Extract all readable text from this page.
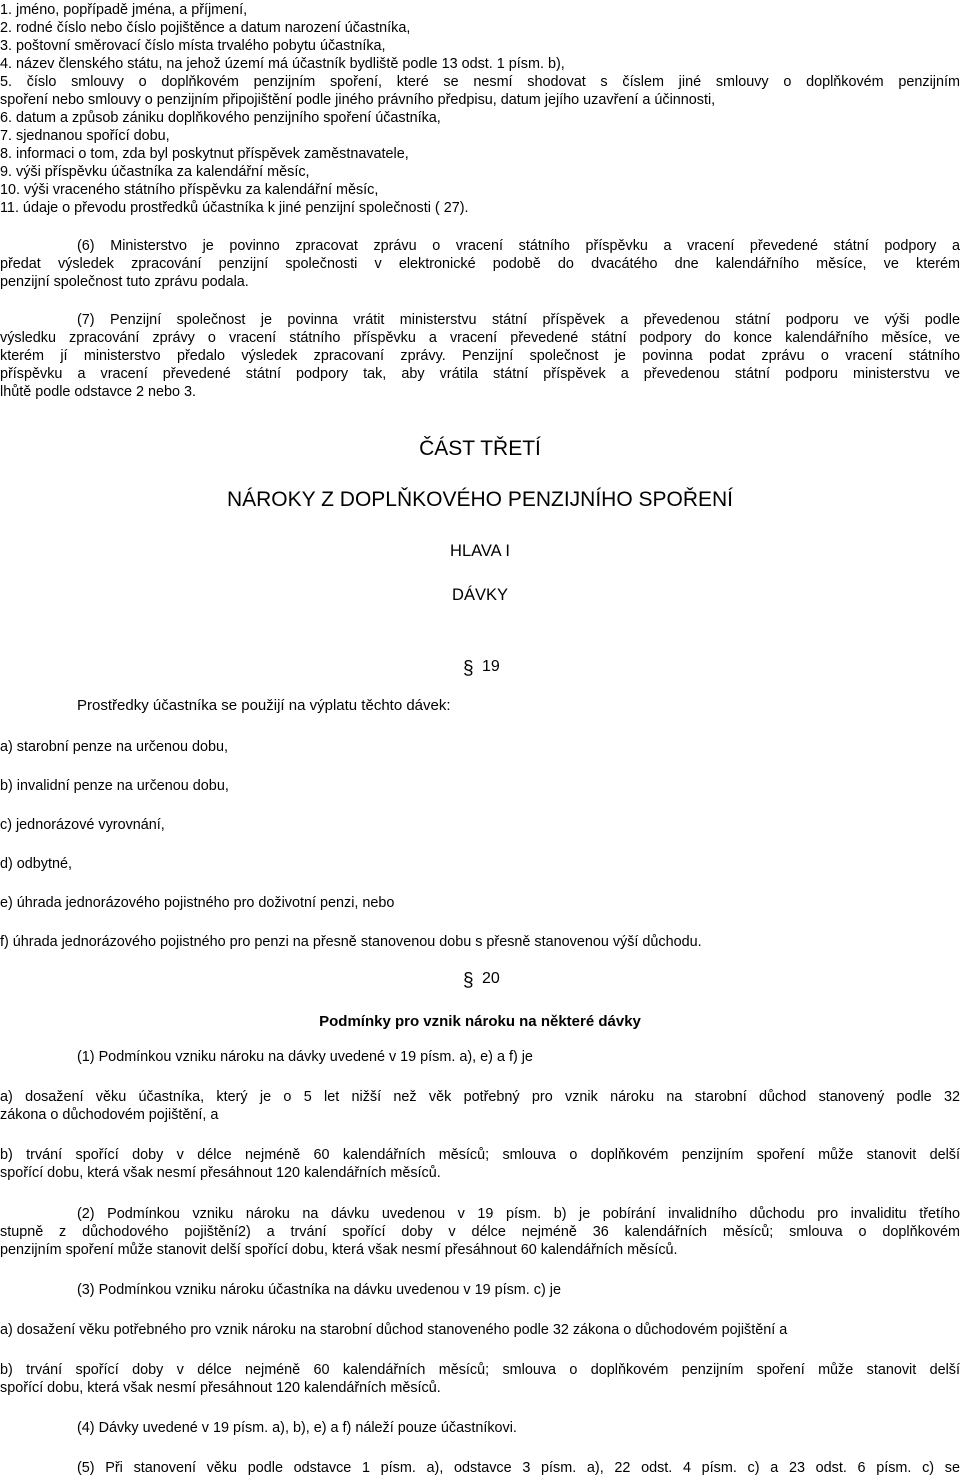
1. jméno, popřípadě jména, a příjmení,
2. rodné číslo nebo číslo pojištěnce a datum narození účastníka,
3. poštovní směrovací číslo místa trvalého pobytu účastníka,
4. název členského státu, na jehož území má účastník bydliště podle 13 odst. 1 písm. b),
5. číslo smlouvy o doplňkovém penzijním spoření, které se nesmí shodovat s číslem jiné smlouvy o doplňkovém penzijním
spoření nebo smlouvy o penzijním připojištění podle jiného právního předpisu, datum jejího uzavření a účinnosti,
6. datum a způsob zániku doplňkového penzijního spoření účastníka,
7. sjednanou spořící dobu,
8. informaci o tom, zda byl poskytnut příspěvek zaměstnavatele,
9. výši příspěvku účastníka za kalendářní měsíc,
10. výši vraceného státního příspěvku za kalendářní měsíc,
11. údaje o převodu prostředků účastníka k jiné penzijní společnosti ( 27).
(6) Ministerstvo je povinno zpracovat zprávu o vracení státního příspěvku a vracení převedené státní podpory a
předat výsledek zpracování penzijní společnosti v elektronické podobě do dvacátého dne kalendářního měsíce, ve kterém
penzijní společnost tuto zprávu podala.
(7) Penzijní společnost je povinna vrátit ministerstvu státní příspěvek a převedenou státní podporu ve výši podle
výsledku zpracování zprávy o vracení státního příspěvku a vracení převedené státní podpory do konce kalendářního měsíce, ve
kterém jí ministerstvo předalo výsledek zpracovaní zprávy. Penzijní společnost je povinna podat zprávu o vracení státního
příspěvku a vracení převedené státní podpory tak, aby vrátila státní příspěvek a převedenou státní podporu ministerstvu ve
lhůtě podle odstavce 2 nebo 3.
ČÁST TŘETÍ
NÁROKY Z DOPLŇKOVÉHO PENZIJNÍHO SPOŘENÍ
HLAVA I
DÁVKY
§ 19
Prostředky účastníka se použijí na výplatu těchto dávek:
a) starobní penze na určenou dobu,
b) invalidní penze na určenou dobu,
c) jednorázové vyrovnání,
d) odbytné,
e) úhrada jednorázového pojistného pro doživotní penzi, nebo
f) úhrada jednorázového pojistného pro penzi na přesně stanovenou dobu s přesně stanovenou výší důchodu.
§ 20
Podmínky pro vznik nároku na některé dávky
(1) Podmínkou vzniku nároku na dávky uvedené v 19 písm. a), e) a f) je
a) dosažení věku účastníka, který je o 5 let nižší než věk potřebný pro vznik nároku na starobní důchod stanovený podle 32
zákona o důchodovém pojištění, a
b) trvání spořící doby v délce nejméně 60 kalendářních měsíců; smlouva o doplňkovém penzijním spoření může stanovit delší
spořící dobu, která však nesmí přesáhnout 120 kalendářních měsíců.
(2) Podmínkou vzniku nároku na dávku uvedenou v 19 písm. b) je pobírání invalidního důchodu pro invaliditu třetího
stupně z důchodového pojištění2) a trvání spořící doby v délce nejméně 36 kalendářních měsíců; smlouva o doplňkovém
penzijním spoření může stanovit delší spořící dobu, která však nesmí přesáhnout 60 kalendářních měsíců.
(3) Podmínkou vzniku nároku účastníka na dávku uvedenou v 19 písm. c) je
a) dosažení věku potřebného pro vznik nároku na starobní důchod stanoveného podle 32 zákona o důchodovém pojištění a
b) trvání spořící doby v délce nejméně 60 kalendářních měsíců; smlouva o doplňkovém penzijním spoření může stanovit delší
spořící dobu, která však nesmí přesáhnout 120 kalendářních měsíců.
(4) Dávky uvedené v 19 písm. a), b), e) a f) náleží pouze účastníkovi.
(5) Při stanovení věku podle odstavce 1 písm. a), odstavce 3 písm. a), 22 odst. 4 písm. c) a 23 odst. 6 písm. c) se
